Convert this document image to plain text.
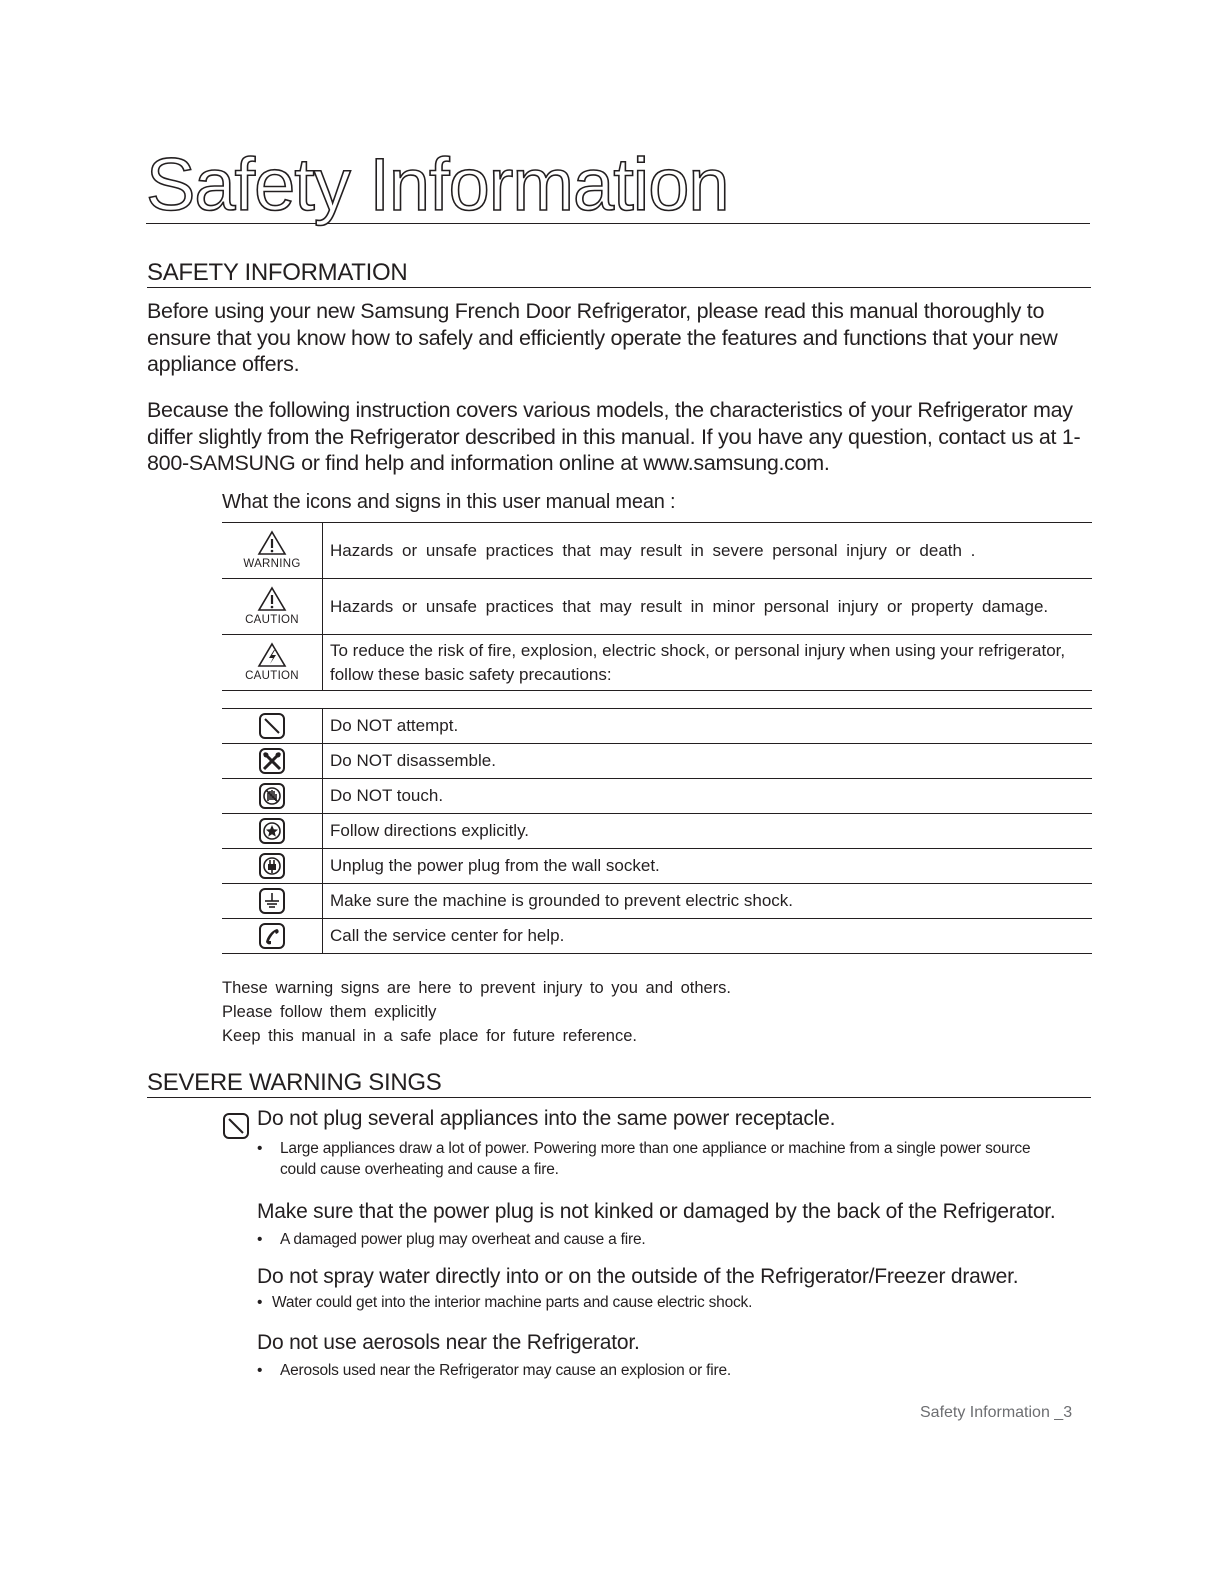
Safety Information
SAFETY INFORMATION

Before using your new Samsung French Door Refrigerator, please read this manual thoroughly to ensure that you know how to safely and efficiently operate the features and functions that your new appliance offers.

Because the following instruction covers various models, the characteristics of your Refrigerator may differ slightly from the Refrigerator described in this manual. If you have any question, contact us at 1-800-SAMSUNG or find help and information online at www.samsung.com.

What the icons and signs in this user manual mean :
WARNING	Hazards or unsafe practices that may result in severe personal injury or death .

CAUTION	Hazards or unsafe practices that may result in minor personal injury or property damage.

CAUTION	To reduce the risk of fire, explosion, electric shock, or personal injury when using your refrigerator, follow these basic safety precautions:
	Do NOT attempt.

	Do NOT disassemble.

	Do NOT touch.

	Follow directions explicitly.

	Unplug the power plug from the wall socket.

	Make sure the machine is grounded to prevent electric shock.

	Call the service center for help.
These warning signs are here to prevent injury to you and others.
Please follow them explicitly
Keep this manual in a safe place for future reference.
SEVERE WARNING SINGS
Do not plug several appliances into the same power receptacle.
• Large appliances draw a lot of power. Powering more than one appliance or machine from a single power source could cause overheating and cause a fire.
Make sure that the power plug is not kinked or damaged by the back of the Refrigerator.
• A damaged power plug may overheat and cause a fire.
Do not spray water directly into or on the outside of the Refrigerator/Freezer drawer.
• Water could get into the interior machine parts and cause electric shock.
Do not use aerosols near the Refrigerator.
• Aerosols used near the Refrigerator may cause an explosion or fire.
Safety Information _3
